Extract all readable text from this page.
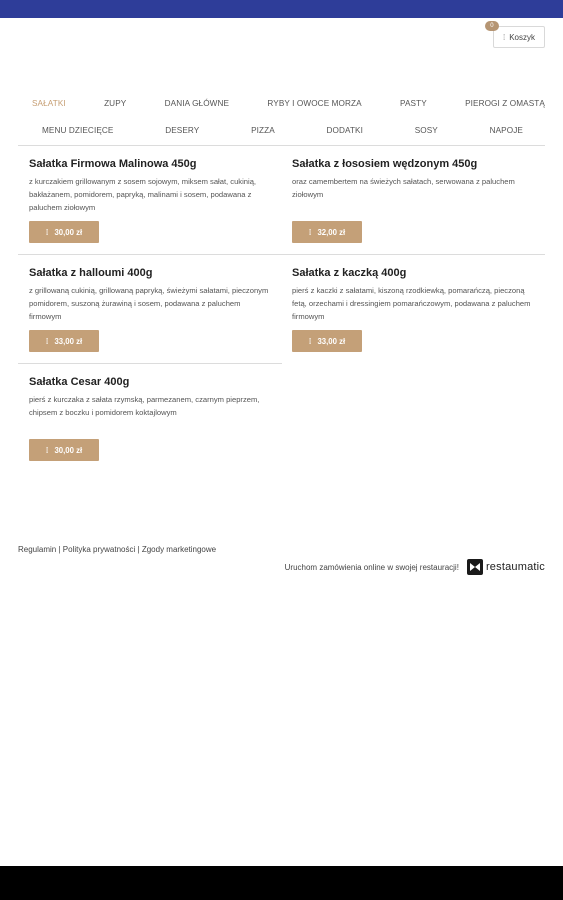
⁞ Koszyk
0
SAŁATKI	ZUPY	DANIA GŁÓWNE	RYBY I OWOCE MORZA	PASTY	PIEROGI Z OMASTĄ
MENU DZIECIĘCE	DESERY	PIZZA	DODATKI	SOSY	NAPOJE
Sałatka Firmowa Malinowa 450g
z kurczakiem grillowanym z sosem sojowym, miksem sałat, cukinią, bakłażanem, pomidorem, papryką, malinami i sosem, podawana z paluchem ziołowym
⁞ 30,00 zł
Sałatka z łososiem wędzonym 450g
oraz camembertem na świeżych sałatach, serwowana z paluchem ziołowym
⁞ 32,00 zł
Sałatka z halloumi 400g
z grillowaną cukinią, grillowaną papryką, świeżymi sałatami, pieczonym pomidorem, suszoną żurawiną i sosem, podawana z paluchem firmowym
⁞ 33,00 zł
Sałatka z kaczką 400g
pierś z kaczki z sałatami, kiszoną rzodkiewką, pomarańczą, pieczoną fetą, orzechami i dressingiem pomarańczowym, podawana z paluchem firmowym
⁞ 33,00 zł
Sałatka Cesar 400g
pierś z kurczaka z sałata rzymską, parmezanem, czarnym pieprzem, chipsem z boczku i pomidorem koktajlowym
⁞ 30,00 zł
Regulamin | Polityka prywatności | Zgody marketingowe
Uruchom zamówienia online w swojej restauracji! restaumatic
